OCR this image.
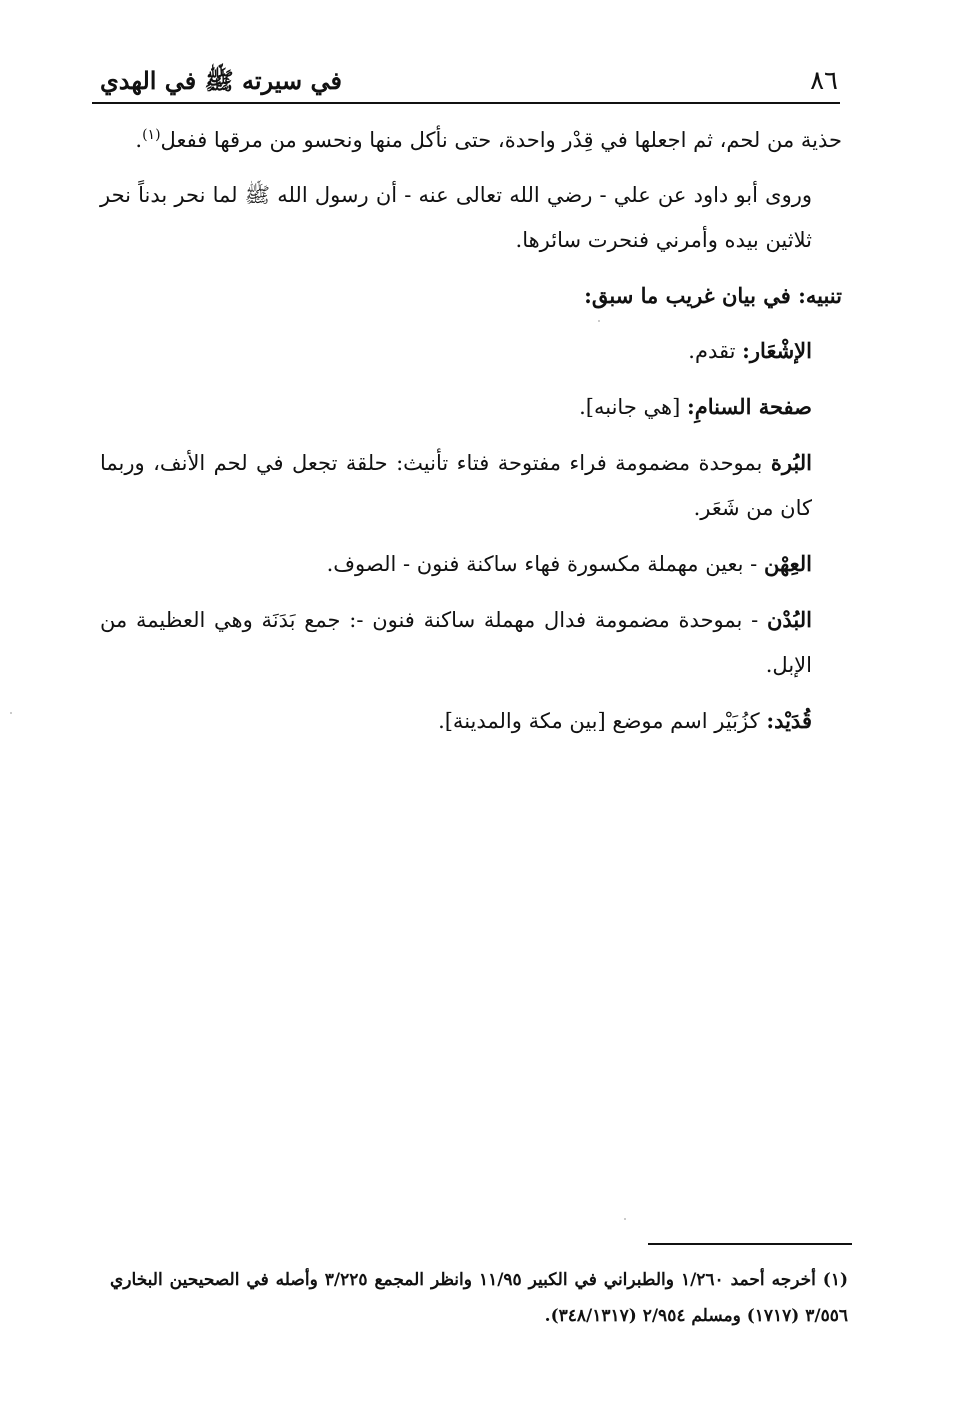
٨٦
في سيرته ﷺ في الهدي

حذية من لحم، ثم اجعلها في قِدْر واحدة، حتى نأكل منها ونحسو من مرقها ففعل$^{(١)}$.

وروى أبو داود عن علي - رضي الله تعالى عنه - أن رسول الله ﷺ لما نحر بدناً نحر ثلاثين بيده وأمرني فنحرت سائرها.

تنبيه: في بيان غريب ما سبق:

الإشْعَار: تقدم.

صفحة السنامِ: [هي جانبه].

البُرة بموحدة مضمومة فراء مفتوحة فتاء تأنيث: حلقة تجعل في لحم الأنف، وربما كان من شَعَر.

العِهْن - بعين مهملة مكسورة فهاء ساكنة فنون - الصوف.

البُدْن - بموحدة مضمومة فدال مهملة ساكنة فنون -: جمع بَدَنَة وهي العظيمة من الإبل.

قُدَيْد: كزُبَيْر اسم موضع [بين مكة والمدينة].

(١) أخرجه أحمد ١/٢٦٠ والطبراني في الكبير ١١/٩٥ وانظر المجمع ٣/٢٢٥ وأصله في الصحيحين البخاري ٣/٥٥٦ (١٧١٧) ومسلم ٢/٩٥٤ (٣٤٨/١٣١٧).
